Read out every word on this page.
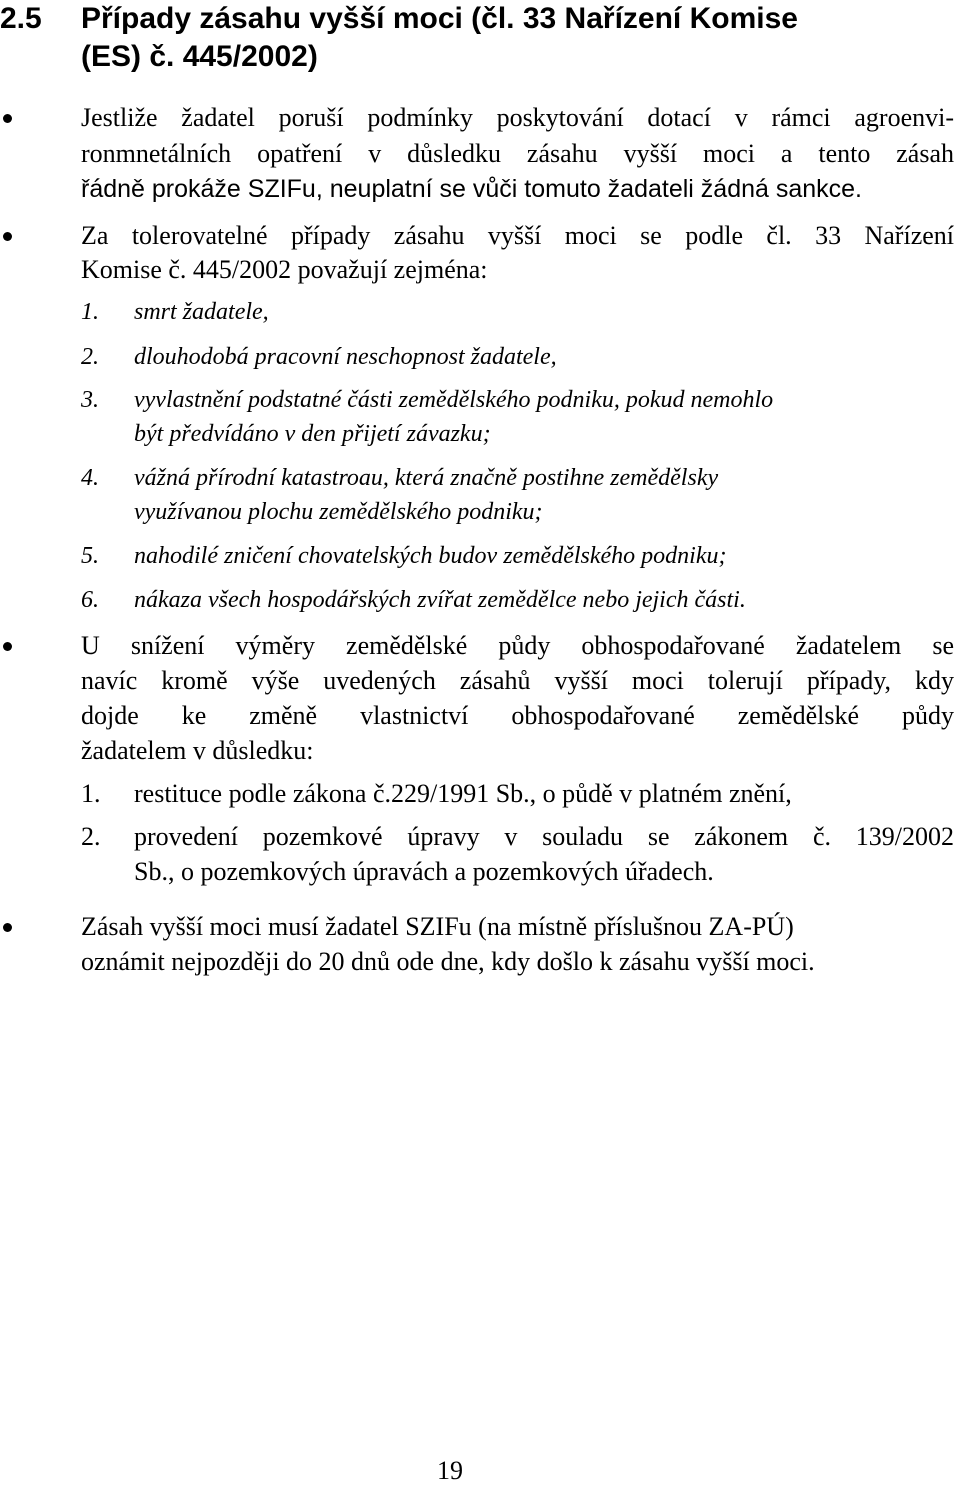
2.5 Případy zásahu vyšší moci (čl. 33 Nařízení Komise
(ES) č. 445/2002)
Jestliže žadatel poruší podmínky poskytování dotací v rámci agroenvi-
ronmnetálních opatření v důsledku zásahu vyšší moci a tento zásah
řádně prokáže SZIFu, neuplatní se vůči tomuto žadateli žádná sankce.
Za tolerovatelné případy zásahu vyšší moci se podle čl. 33 Nařízení
Komise č. 445/2002 považují zejména:
1. smrt žadatele,
2. dlouhodobá pracovní neschopnost žadatele,
3. vyvlastnění podstatné části zemědělského podniku, pokud nemohlo
být předvídáno v den přijetí závazku;
4. vážná přírodní katastroau, která značně postihne zemědělsky
využívanou plochu zemědělského podniku;
5. nahodilé zničení chovatelských budov zemědělského podniku;
6. nákaza všech hospodářských zvířat zemědělce nebo jejich části.
U snížení výměry zemědělské půdy obhospodařované žadatelem se
navíc kromě výše uvedených zásahů vyšší moci tolerují případy, kdy
dojde ke změně vlastnictví obhospodařované zemědělské půdy
žadatelem v důsledku:
1. restituce podle zákona č.229/1991 Sb., o půdě v platném znění,
2. provedení pozemkové úpravy v souladu se zákonem č. 139/2002
Sb., o pozemkových úpravách a pozemkových úřadech.
Zásah vyšší moci musí žadatel SZIFu (na místně příslušnou ZA-PÚ)
oznámit nejpozději do 20 dnů ode dne, kdy došlo k zásahu vyšší moci.
19
